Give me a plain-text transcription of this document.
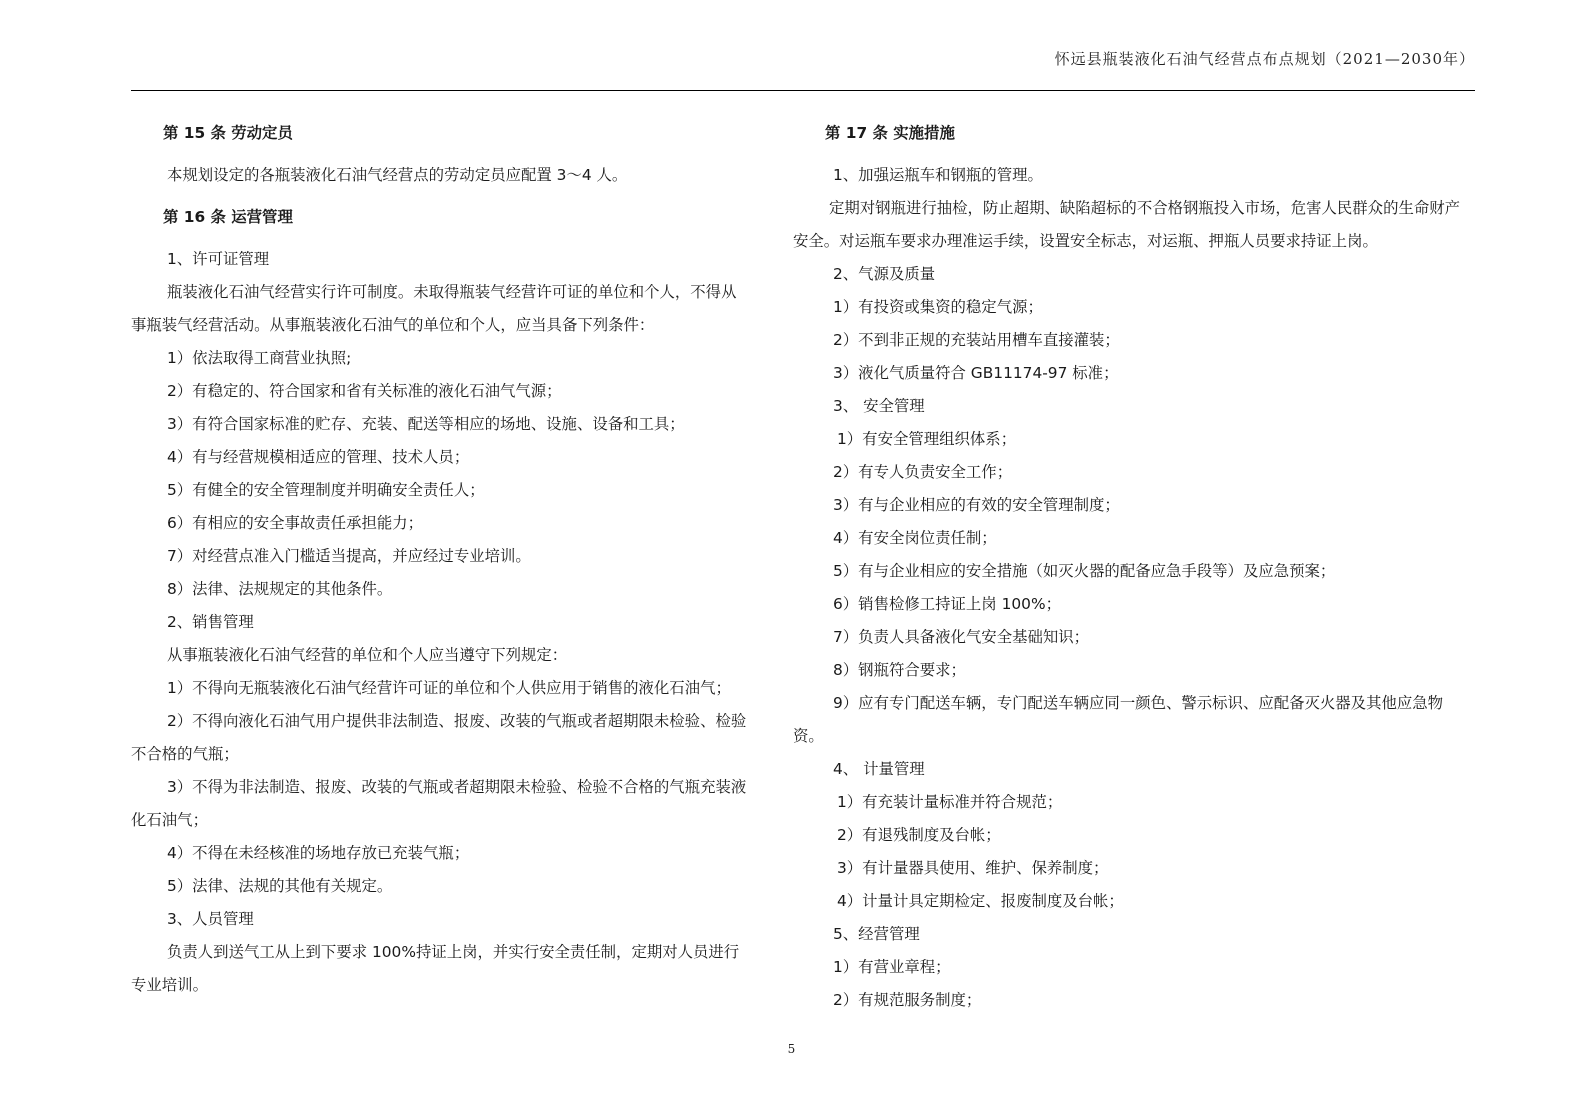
怀远县瓶装液化石油气经营点布点规划（2021—2030年）

第 15 条 劳动定员

本规划设定的各瓶装液化石油气经营点的劳动定员应配置 3～4 人。

第 16 条 运营管理

1、许可证管理

瓶装液化石油气经营实行许可制度。未取得瓶装气经营许可证的单位和个人，不得从

事瓶装气经营活动。从事瓶装液化石油气的单位和个人，应当具备下列条件：

1）依法取得工商营业执照;

2）有稳定的、符合国家和省有关标准的液化石油气气源；

3）有符合国家标准的贮存、充装、配送等相应的场地、设施、设备和工具；

4）有与经营规模相适应的管理、技术人员；

5）有健全的安全管理制度并明确安全责任人；

6）有相应的安全事故责任承担能力；

7）对经营点准入门槛适当提高，并应经过专业培训。

8）法律、法规规定的其他条件。

2、销售管理

从事瓶装液化石油气经营的单位和个人应当遵守下列规定：

1）不得向无瓶装液化石油气经营许可证的单位和个人供应用于销售的液化石油气；

2）不得向液化石油气用户提供非法制造、报废、改装的气瓶或者超期限未检验、检验

不合格的气瓶；

3）不得为非法制造、报废、改装的气瓶或者超期限未检验、检验不合格的气瓶充装液

化石油气；

4）不得在未经核准的场地存放已充装气瓶；

5）法律、法规的其他有关规定。

3、人员管理

负责人到送气工从上到下要求 100%持证上岗，并实行安全责任制，定期对人员进行

专业培训。

第 17 条 实施措施

1、加强运瓶车和钢瓶的管理。

定期对钢瓶进行抽检，防止超期、缺陷超标的不合格钢瓶投入市场，危害人民群众的生命财产

安全。对运瓶车要求办理准运手续，设置安全标志，对运瓶、押瓶人员要求持证上岗。

2、气源及质量

1）有投资或集资的稳定气源；

2）不到非正规的充装站用槽车直接灌装；

3）液化气质量符合 GB11174-97 标准；

3、 安全管理

1）有安全管理组织体系；

2）有专人负责安全工作；

3）有与企业相应的有效的安全管理制度；

4）有安全岗位责任制；

5）有与企业相应的安全措施（如灭火器的配备应急手段等）及应急预案；

6）销售检修工持证上岗 100%；

7）负责人具备液化气安全基础知识；

8）钢瓶符合要求；

9）应有专门配送车辆，专门配送车辆应同一颜色、警示标识、应配备灭火器及其他应急物

资。

4、 计量管理

1）有充装计量标准并符合规范；

2）有退残制度及台帐；

3）有计量器具使用、维护、保养制度；

4）计量计具定期检定、报废制度及台帐；

5、经营管理

1）有营业章程；

2）有规范服务制度；

5
